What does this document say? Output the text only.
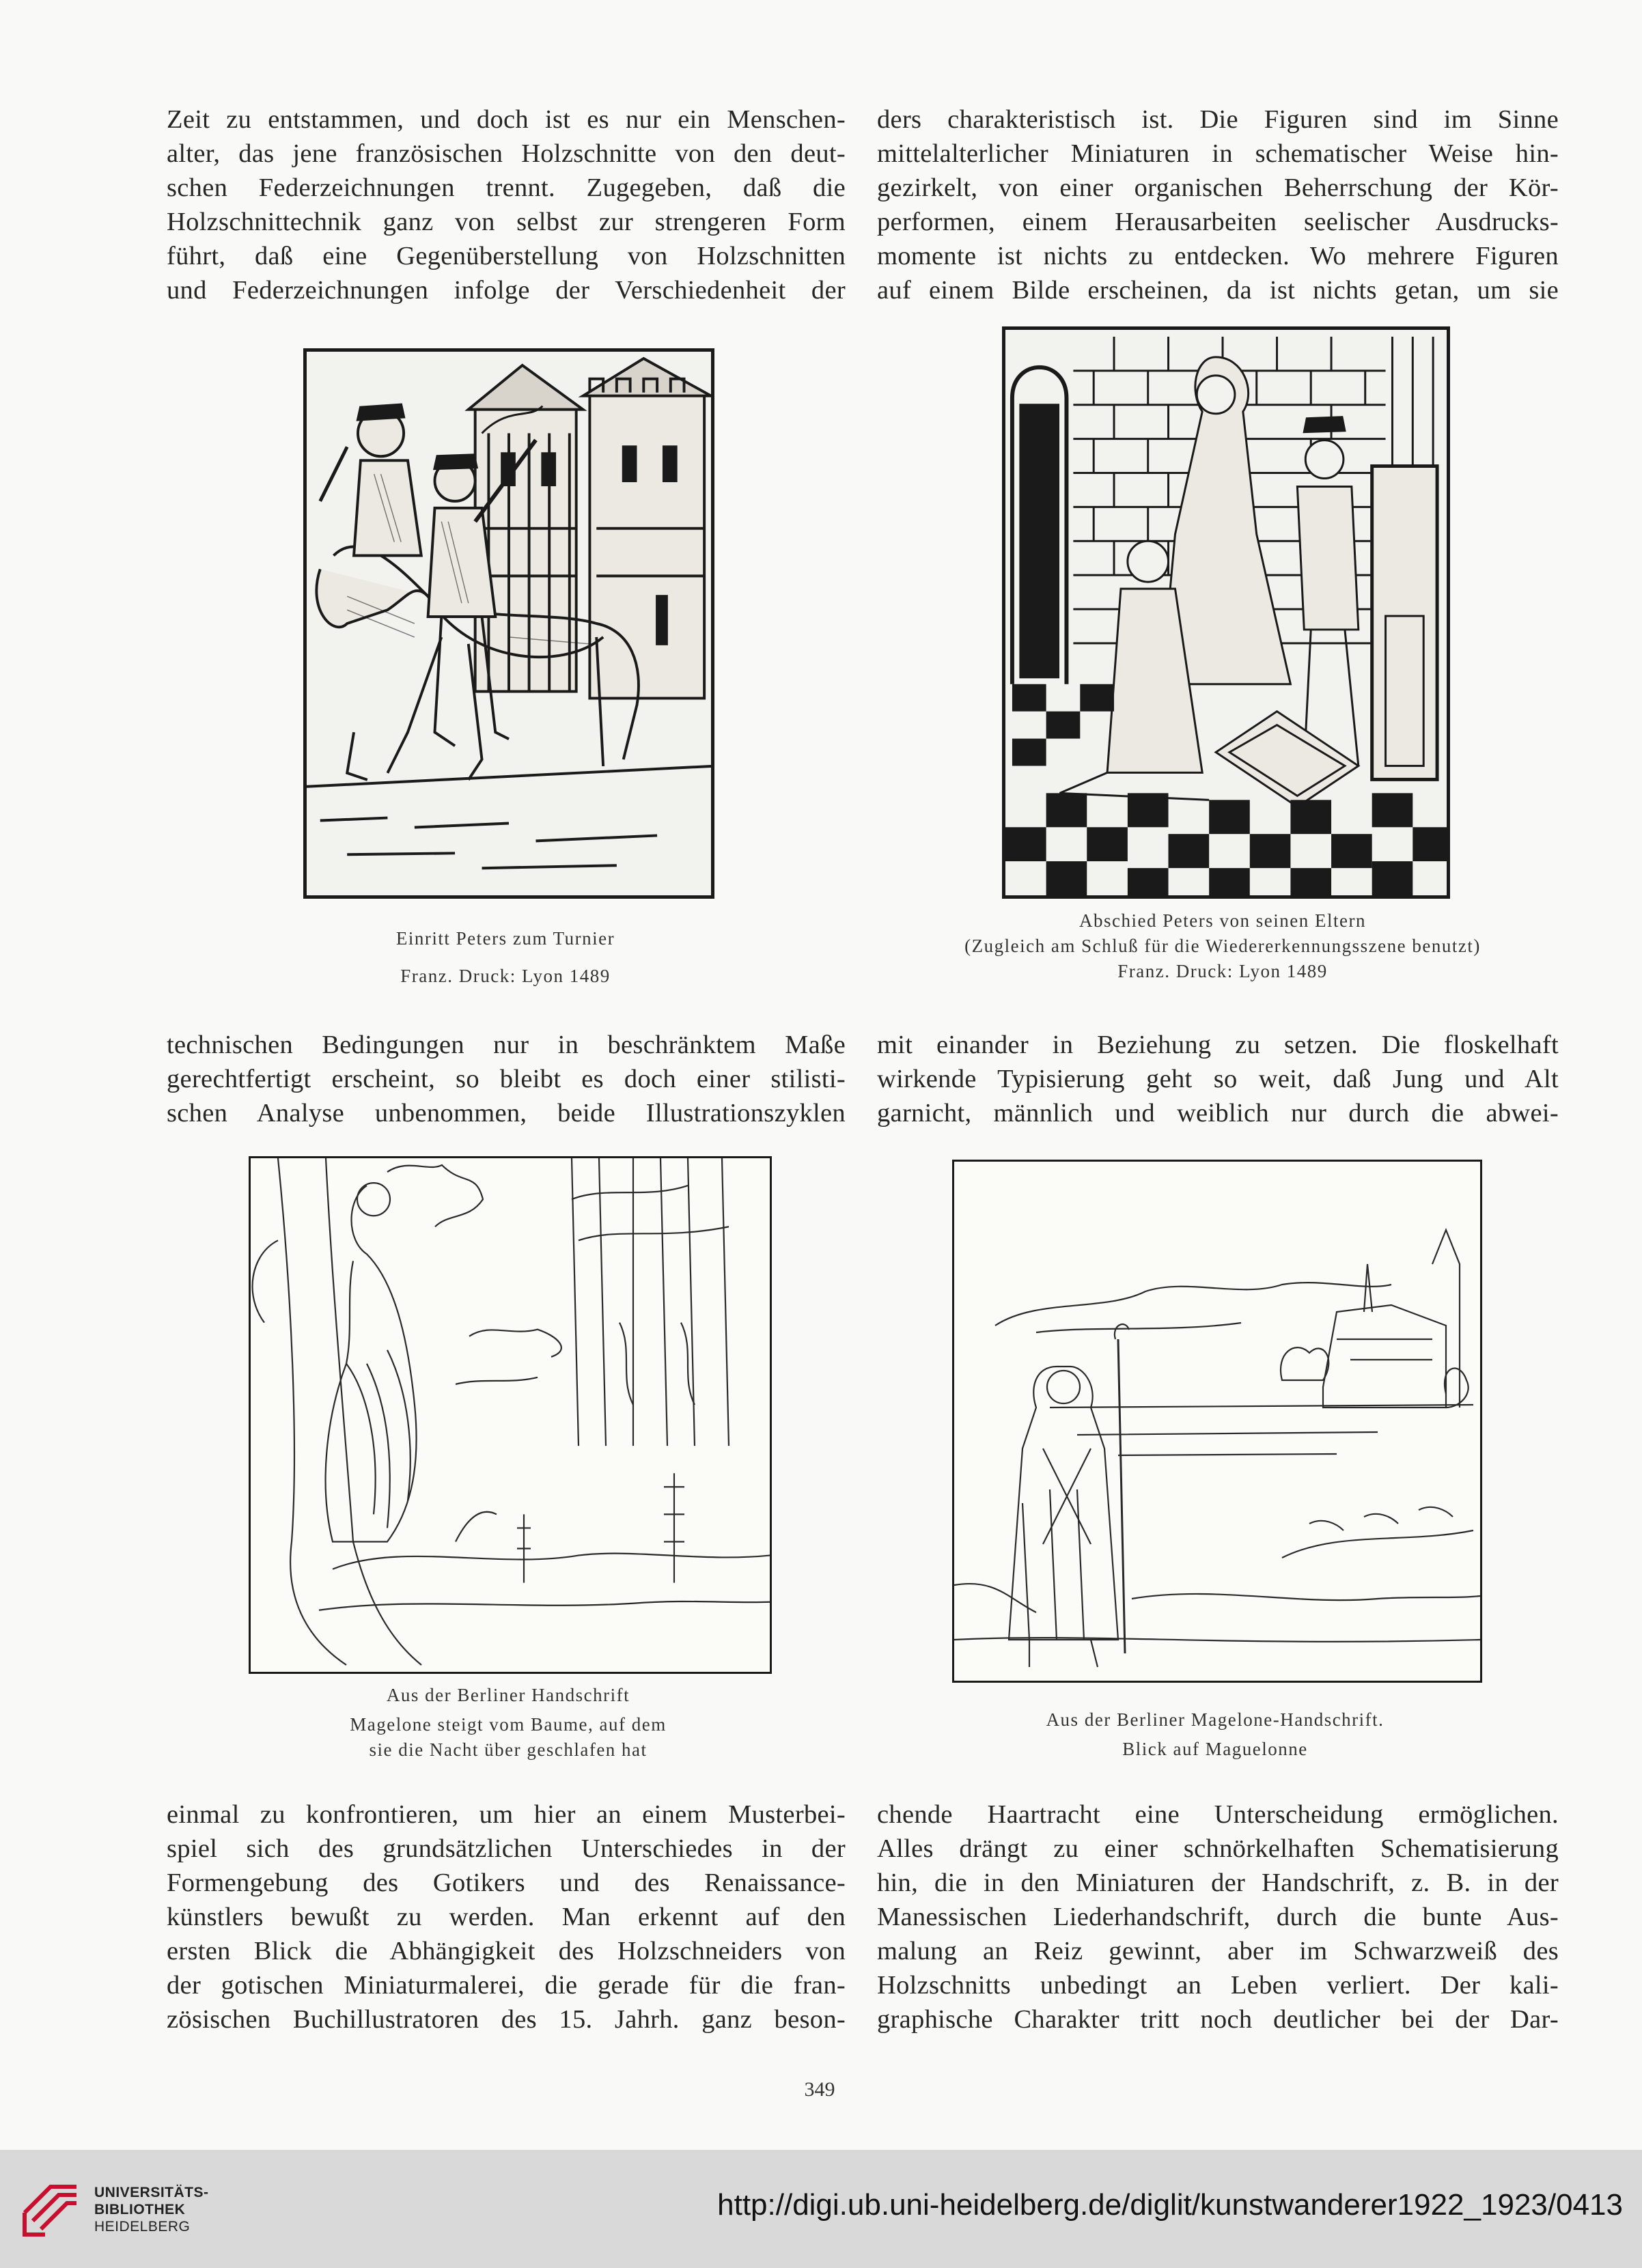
Zeit zu entstammen, und doch ist es nur ein Menschen-
alter, das jene französischen Holzschnitte von den deut-
schen Federzeichnungen trennt. Zugegeben, daß die
Holzschnittechnik ganz von selbst zur strengeren Form
führt, daß eine Gegenüberstellung von Holzschnitten
und Federzeichnungen infolge der Verschiedenheit der
ders charakteristisch ist. Die Figuren sind im Sinne
mittelalterlicher Miniaturen in schematischer Weise hin-
gezirkelt, von einer organischen Beherrschung der Kör-
performen, einem Herausarbeiten seelischer Ausdrucks-
momente ist nichts zu entdecken. Wo mehrere Figuren
auf einem Bilde erscheinen, da ist nichts getan, um sie
Einritt Peters zum Turnier
Franz. Druck: Lyon 1489
Abschied Peters von seinen Eltern
(Zugleich am Schluß für die Wiedererkennungsszene benutzt)
Franz. Druck: Lyon 1489
technischen Bedingungen nur in beschränktem Maße
gerechtfertigt erscheint, so bleibt es doch einer stilisti-
schen Analyse unbenommen, beide Illustrationszyklen
mit einander in Beziehung zu setzen. Die floskelhaft
wirkende Typisierung geht so weit, daß Jung und Alt
garnicht, männlich und weiblich nur durch die abwei-
Aus der Berliner Handschrift
Magelone steigt vom Baume, auf dem
sie die Nacht über geschlafen hat
Aus der Berliner Magelone-Handschrift.
Blick auf Maguelonne
einmal zu konfrontieren, um hier an einem Musterbei-
spiel sich des grundsätzlichen Unterschiedes in der
Formengebung des Gotikers und des Renaissance-
künstlers bewußt zu werden. Man erkennt auf den
ersten Blick die Abhängigkeit des Holzschneiders von
der gotischen Miniaturmalerei, die gerade für die fran-
zösischen Buchillustratoren des 15. Jahrh. ganz beson-
chende Haartracht eine Unterscheidung ermöglichen.
Alles drängt zu einer schnörkelhaften Schematisierung
hin, die in den Miniaturen der Handschrift, z. B. in der
Manessischen Liederhandschrift, durch die bunte Aus-
malung an Reiz gewinnt, aber im Schwarzweiß des
Holzschnitts unbedingt an Leben verliert. Der kali-
graphische Charakter tritt noch deutlicher bei der Dar-
349
UNIVERSITÄTS-
BIBLIOTHEK
HEIDELBERG
http://digi.ub.uni-heidelberg.de/diglit/kunstwanderer1922_1923/0413
